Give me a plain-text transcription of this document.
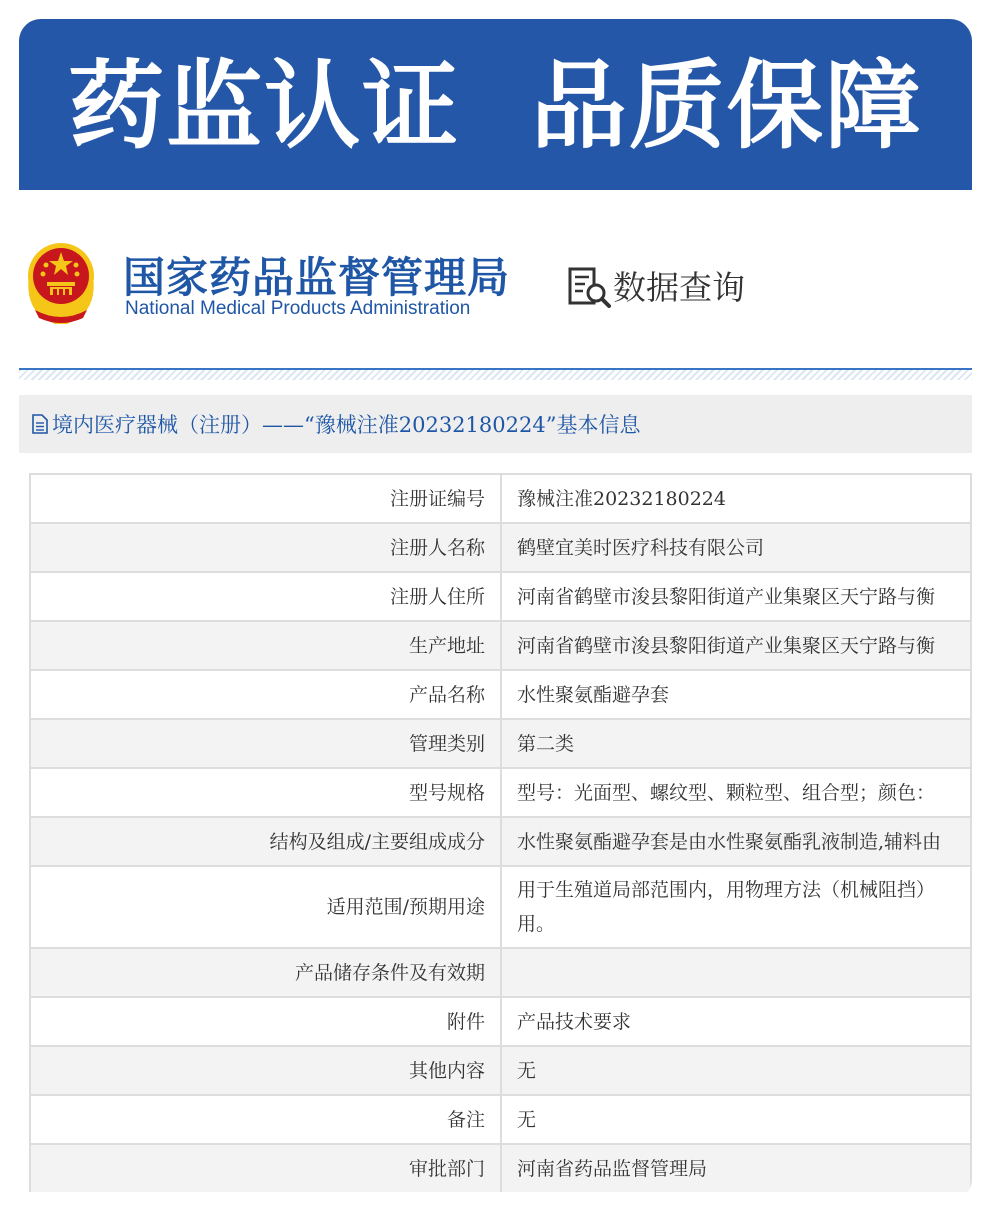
药监认证  品质保障
国家药品监督管理局
National Medical Products Administration
数据查询
境内医疗器械（注册）——“豫械注准20232180224”基本信息
注册证编号	豫械注准20232180224
注册人名称	鹤壁宜美时医疗科技有限公司
注册人住所	河南省鹤壁市浚县黎阳街道产业集聚区天宁路与衡
生产地址	河南省鹤壁市浚县黎阳街道产业集聚区天宁路与衡
产品名称	水性聚氨酯避孕套
管理类别	第二类
型号规格	型号：光面型、螺纹型、颗粒型、组合型；颜色：
结构及组成/主要组成成分	水性聚氨酯避孕套是由水性聚氨酯乳液制造,辅料由
适用范围/预期用途	用于生殖道局部范围内，用物理方法（机械阻挡）用。
产品储存条件及有效期	
附件	产品技术要求
其他内容	无
备注	无
审批部门	河南省药品监督管理局
